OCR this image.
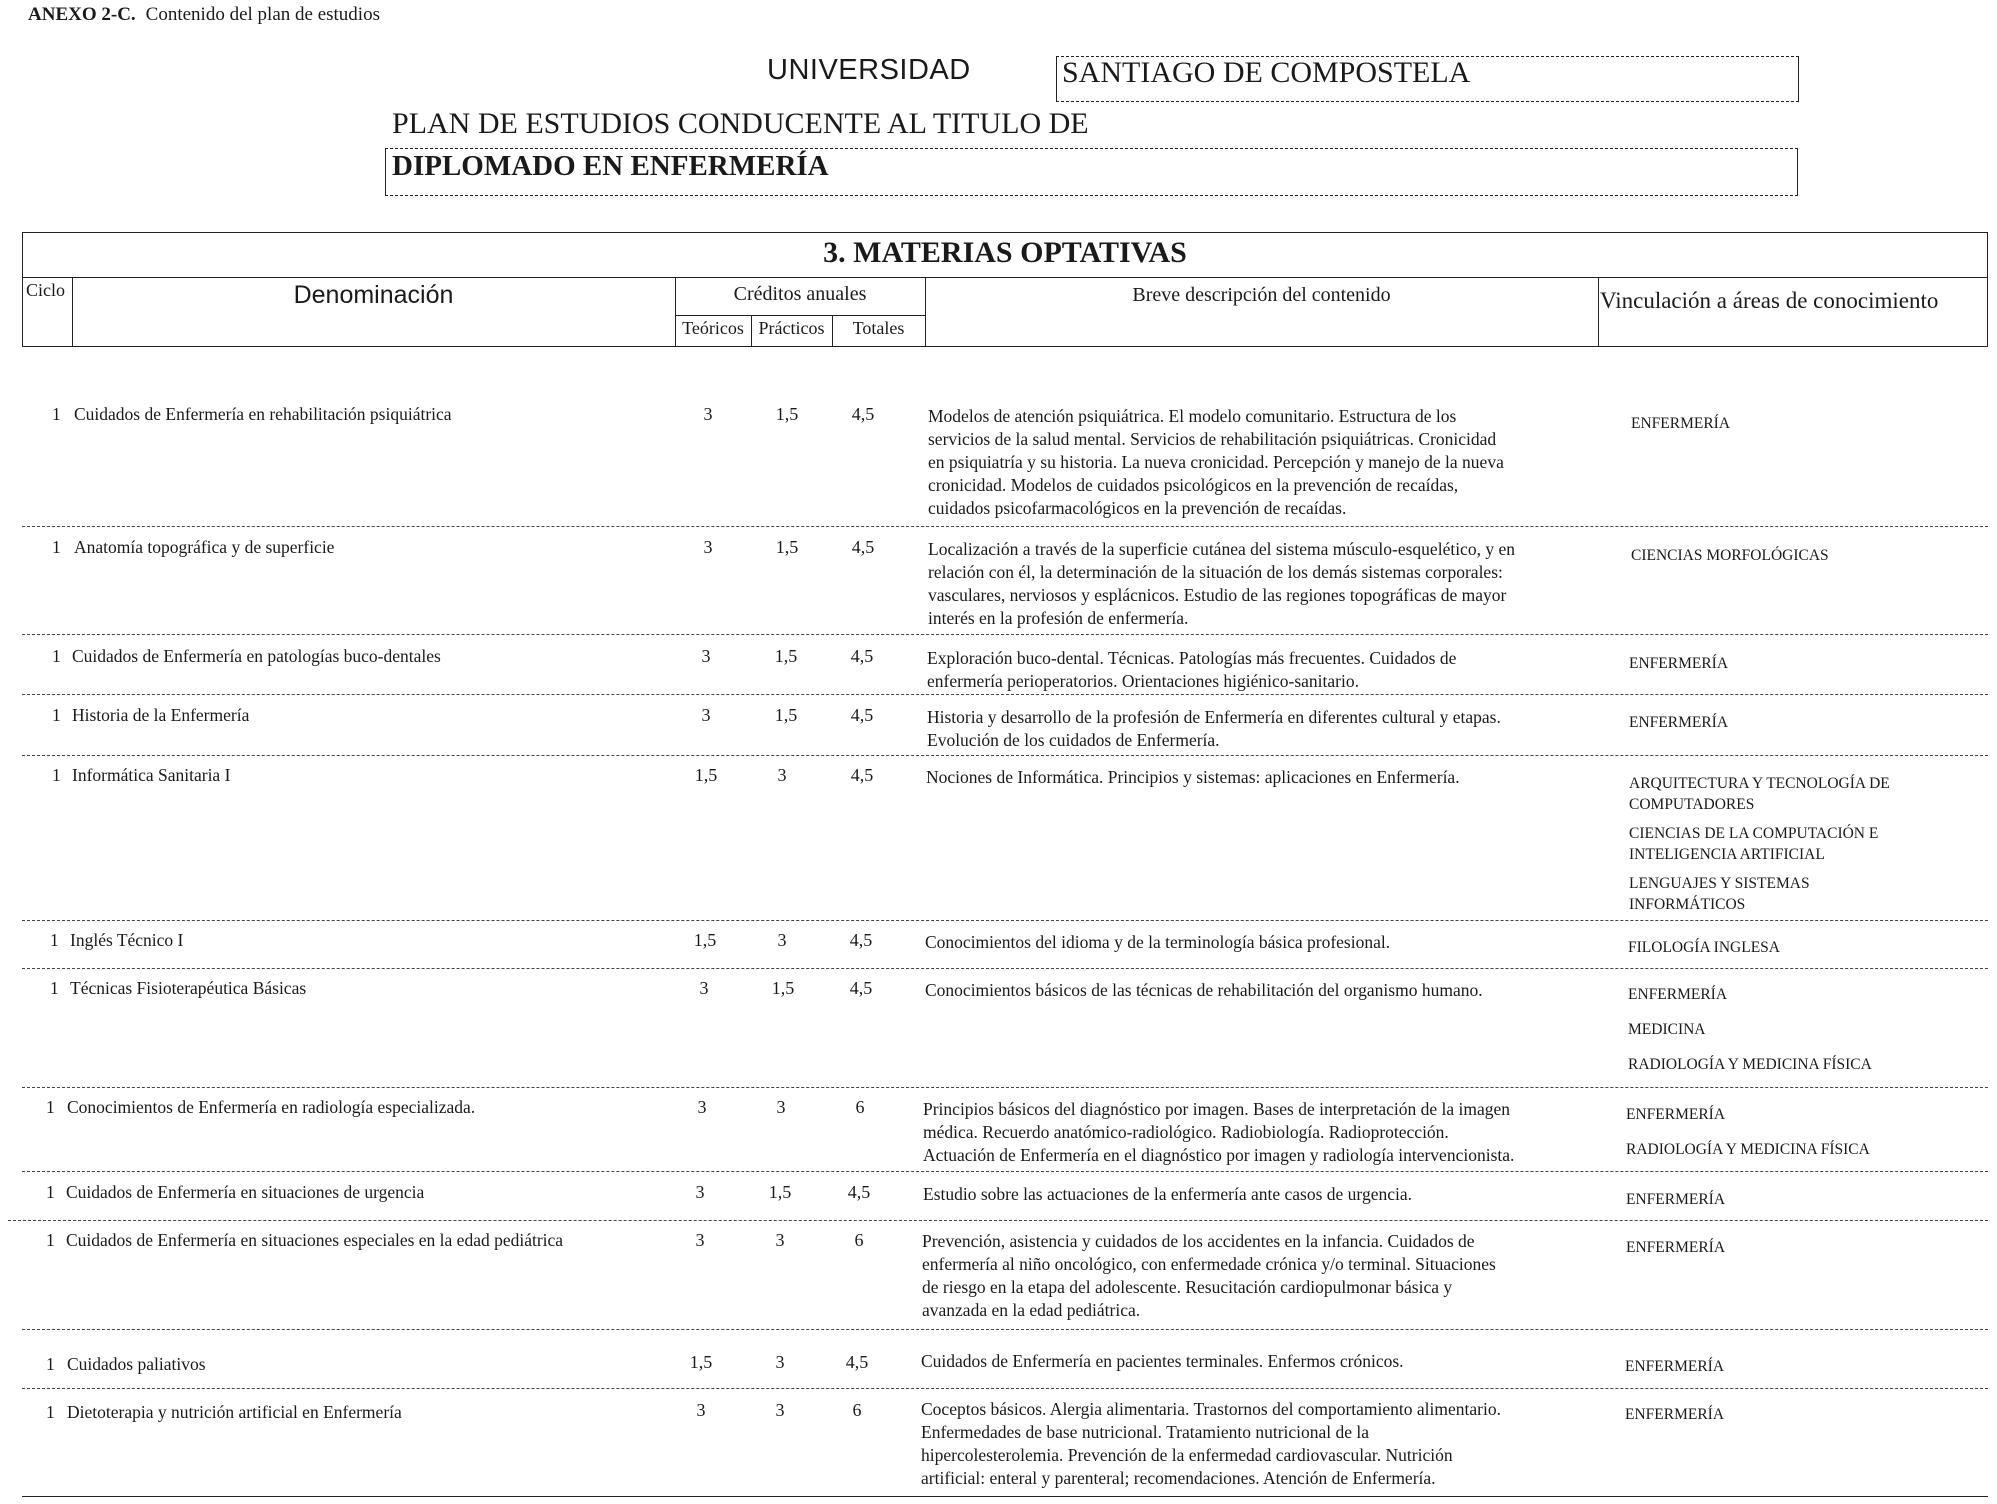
ANEXO 2-C. Contenido del plan de estudios
UNIVERSIDAD	SANTIAGO DE COMPOSTELA
PLAN DE ESTUDIOS CONDUCENTE AL TITULO DE
DIPLOMADO EN ENFERMERÍA
3. MATERIAS OPTATIVAS
Ciclo	Denominación	Créditos anuales
Teóricos Prácticos	Totales
Breve descripción del contenido	Vinculación a áreas de conocimiento
1 Cuidados de Enfermería en rehabilitación psiquiátrica	3	1,5	4,5	Modelos de atención psiquiátrica. El modelo comunitario. Estructura de los
servicios de la salud mental. Servicios de rehabilitación psiquiátricas. Cronicidad
en psiquiatría y su historia. La nueva cronicidad. Percepción y manejo de la nueva
cronicidad. Modelos de cuidados psicológicos en la prevención de recaídas,
cuidados psicofarmacológicos en la prevención de recaídas.
ENFERMERÍA
1 Anatomía topográfica y de superficie	3	1,5	4,5	Localización a través de la superficie cutánea del sistema músculo-esquelético, y en
relación con él, la determinación de la situación de los demás sistemas corporales:
vasculares, nerviosos y esplácnicos. Estudio de las regiones topográficas de mayor
interés en la profesión de enfermería.
CIENCIAS MORFOLÓGICAS
1 Cuidados de Enfermería en patologías buco-dentales	3	1,5	4,5	Exploración buco-dental. Técnicas. Patologías más frecuentes. Cuidados de
enfermería perioperatorios. Orientaciones higiénico-sanitario.
ENFERMERÍA
1 Historia de la Enfermería	3	1,5	4,5	Historia y desarrollo de la profesión de Enfermería en diferentes cultural y etapas.
Evolución de los cuidados de Enfermería.
ENFERMERÍA
1 Informática Sanitaria I	1,5	3	4,5	Nociones de Informática. Principios y sistemas: aplicaciones en Enfermería.	ARQUITECTURA Y TECNOLOGÍA DE
COMPUTADORES
CIENCIAS DE LA COMPUTACIÓN E
INTELIGENCIA ARTIFICIAL
LENGUAJES Y SISTEMAS
INFORMÁTICOS
1 Inglés Técnico I	1,5	3	4,5	Conocimientos del idioma y de la terminología básica profesional.	FILOLOGÍA INGLESA
1 Técnicas Fisioterapéutica Básicas	3	1,5	4,5	Conocimientos básicos de las técnicas de rehabilitación del organismo humano.	ENFERMERÍA
MEDICINA
RADIOLOGÍA Y MEDICINA FÍSICA
1 Conocimientos de Enfermería en radiología especializada.	3	3	6	Principios básicos del diagnóstico por imagen. Bases de interpretación de la imagen
médica. Recuerdo anatómico-radiológico. Radiobiología. Radioprotección.
Actuación de Enfermería en el diagnóstico por imagen y radiología intervencionista.
ENFERMERÍA
RADIOLOGÍA Y MEDICINA FÍSICA
1 Cuidados de Enfermería en situaciones de urgencia	3	1,5	4,5	Estudio sobre las actuaciones de la enfermería ante casos de urgencia.	ENFERMERÍA
1 Cuidados de Enfermería en situaciones especiales en la edad pediátrica	3	3	6	Prevención, asistencia y cuidados de los accidentes en la infancia. Cuidados de
enfermería al niño oncológico, con enfermedade crónica y/o terminal. Situaciones
de riesgo en la etapa del adolescente. Resucitación cardiopulmonar básica y
avanzada en la edad pediátrica.
ENFERMERÍA
1 Cuidados paliativos	1,5	3	4,5	Cuidados de Enfermería en pacientes terminales. Enfermos crónicos.	ENFERMERÍA
1 Dietoterapia y nutrición artificial en Enfermería	3	3	6	Coceptos básicos. Alergia alimentaria. Trastornos del comportamiento alimentario.
Enfermedades de base nutricional. Tratamiento nutricional de la
hipercolesterolemia. Prevención de la enfermedad cardiovascular. Nutrición
artificial: enteral y parenteral; recomendaciones. Atención de Enfermería.
ENFERMERÍA
